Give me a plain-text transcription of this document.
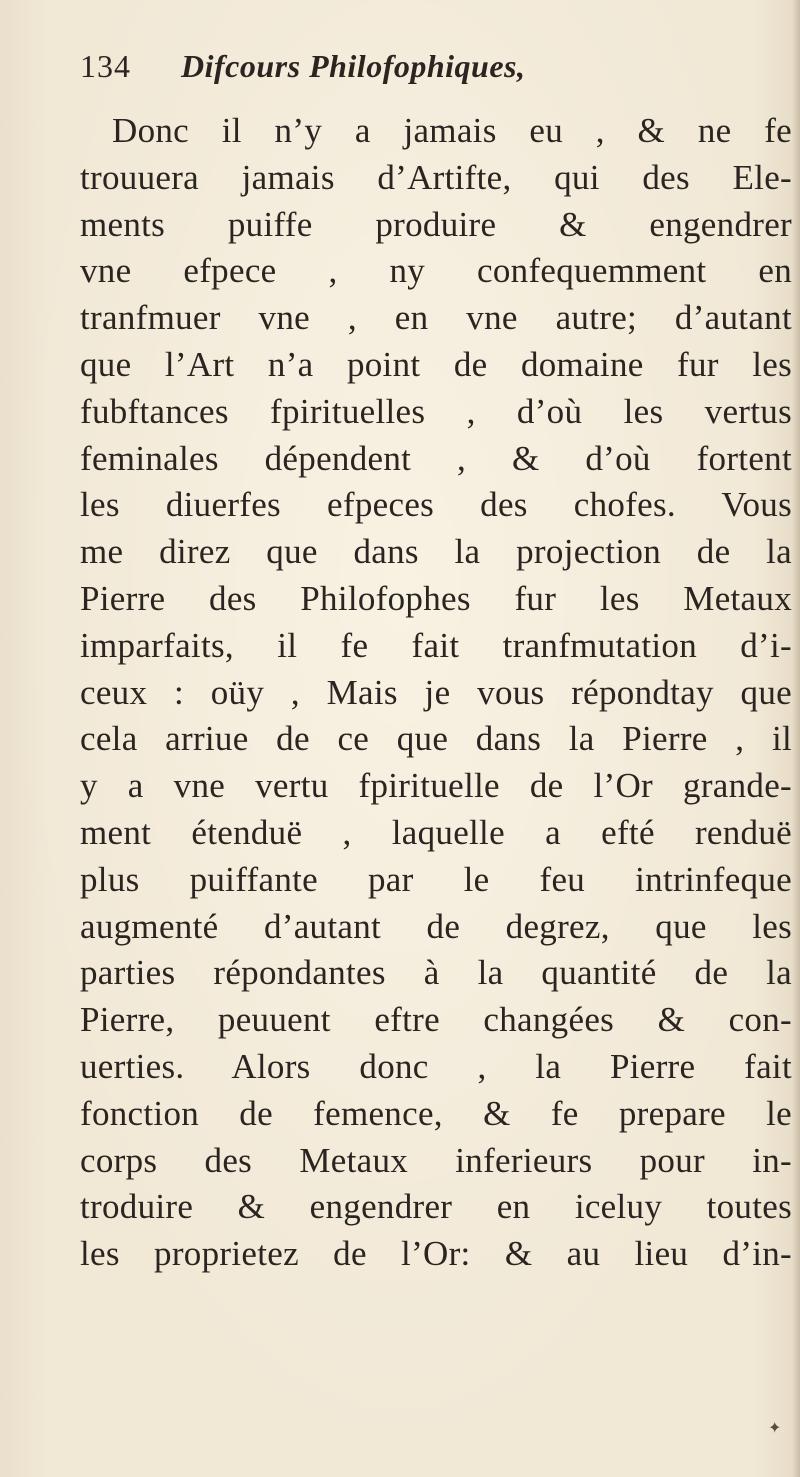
134 Difcours Philofophiques,
Donc il n’y a jamais eu , & ne fe
trouuera jamais d’Artifte, qui des Ele-
ments puiffe produire & engendrer
vne efpece , ny confequemment en
tranfmuer vne , en vne autre; d’autant
que l’Art n’a point de domaine fur les
fubftances fpirituelles , d’où les vertus
feminales dépendent , & d’où fortent
les diuerfes efpeces des chofes. Vous
me direz que dans la projection de la
Pierre des Philofophes fur les Metaux
imparfaits, il fe fait tranfmutation d’i-
ceux : oüy , Mais je vous répondtay que
cela arriue de ce que dans la Pierre , il
y a vne vertu fpirituelle de l’Or grande-
ment étenduë , laquelle a efté renduë
plus puiffante par le feu intrinfeque
augmenté d’autant de degrez, que les
parties répondantes à la quantité de la
Pierre, peuuent eftre changées & con-
uerties. Alors donc , la Pierre fait
fonction de femence, & fe prepare le
corps des Metaux inferieurs pour in-
troduire & engendrer en iceluy toutes
les proprietez de l’Or: & au lieu d’in-
✦
